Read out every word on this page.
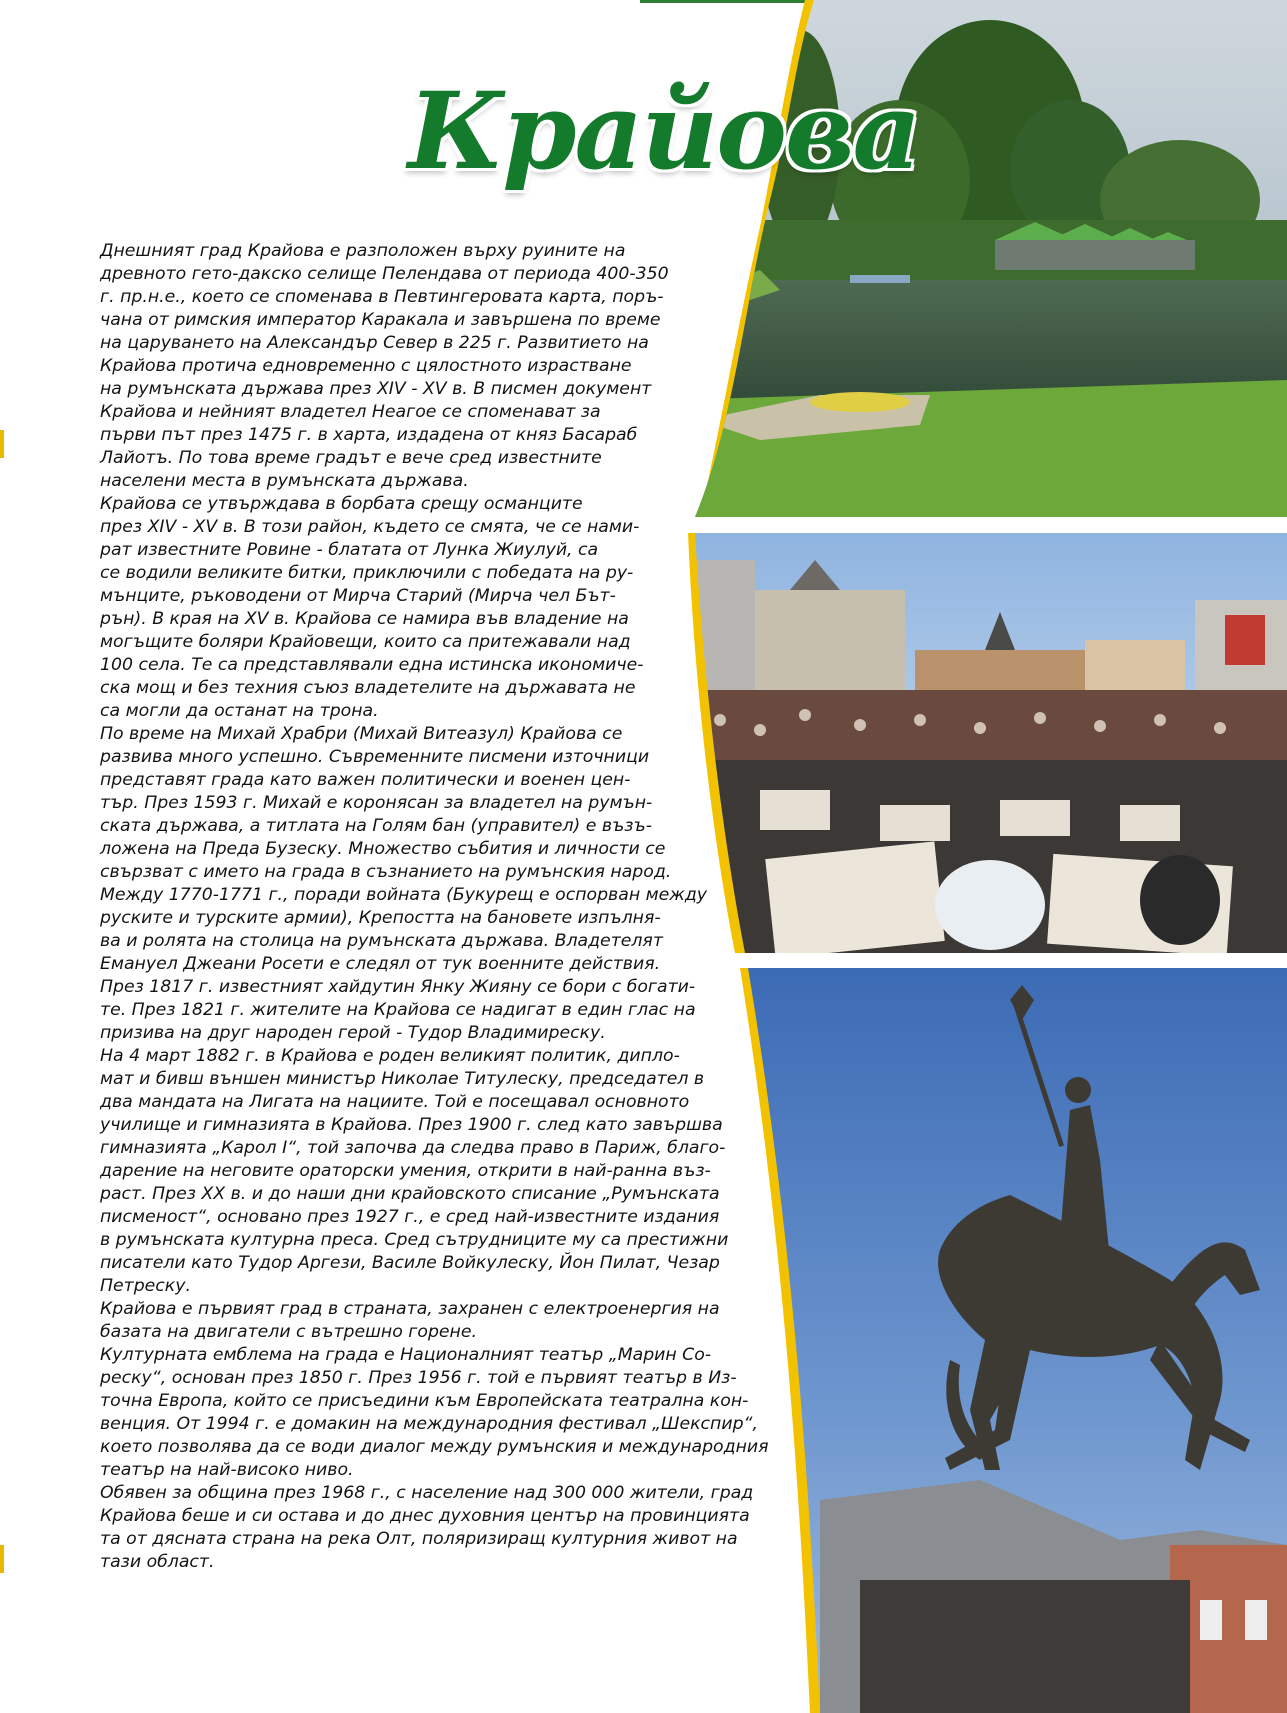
Крайова

Днешният град Крайова е разположен върху руините на
древното гето-дакско селище Пелендава от периода 400-350
г. пр.н.е., което се споменава в Певтингеровата карта, поръ-
чана от римския император Каракала и завършена по време
на царуването на Александър Север в 225 г. Развитието на
Крайова протича едновременно с цялостното израстване
на румънската държава през XIV - XV в. В писмен документ
Крайова и нейният владетел Неагое се споменават за
първи път през 1475 г. в харта, издадена от княз Басараб
Лайотъ. По това време градът е вече сред известните
населени места в румънската държава.

Крайова се утвърждава в борбата срещу османците
през XIV - XV в. В този район, където се смята, че се нами-
рат известните Ровине - блатата от Лунка Жиулуй, са
се водили великите битки, приключили с победата на ру-
мънците, ръководени от Мирча Старий (Мирча чел Бът-
рън). В края на XV в. Крайова се намира във владение на
могъщите боляри Крайовещи, които са притежавали над
100 села. Те са представлявали една истинска икономиче-
ска мощ и без техния съюз владетелите на държавата не
са могли да останат на трона.

По време на Михай Храбри (Михай Витеазул) Крайова се
развива много успешно. Съвременните писмени източници
представят града като важен политически и военен цен-
тър. През 1593 г. Михай е коронясан за владетел на румън-
ската държава, а титлата на Голям бан (управител) е възъ-
ложена на Преда Бузеску. Множество събития и личности се
свързват с името на града в съзнанието на румънския народ.
Между 1770-1771 г., поради войната (Букурещ е оспорван между
руските и турските армии), Крепостта на бановете изпълня-
ва и ролята на столица на румънската държава. Владетелят
Емануел Джеани Росети е следял от тук военните действия.
През 1817 г. известният хайдутин Янку Жияну се бори с богати-
те. През 1821 г. жителите на Крайова се надигат в един глас на
призива на друг народен герой - Тудор Владимиреску.

На 4 март 1882 г. в Крайова е роден великият политик, дипло-
мат и бивш външен министър Николае Титулеску, председател в
два мандата на Лигата на нациите. Той е посещавал основното
училище и гимназията в Крайова. През 1900 г. след като завършва
гимназията „Карол I“, той започва да следва право в Париж, благо-
дарение на неговите ораторски умения, открити в най-ранна въз-
раст. През XX в. и до наши дни крайовското списание „Румънската
писменост“, основано през 1927 г., е сред най-известните издания
в румънската културна преса. Сред сътрудниците му са престижни
писатели като Тудор Аргези, Василе Войкулеску, Йон Пилат, Чезар
Петреску.

Крайова е първият град в страната, захранен с електроенергия на
базата на двигатели с вътрешно горене.

Културната емблема на града е Националният театър „Марин Со-
реску“, основан през 1850 г. През 1956 г. той е първият театър в Из-
точна Европа, който се присъедини към Европейската театрална кон-
венция. От 1994 г. е домакин на международния фестивал „Шекспир“,
което позволява да се води диалог между румънския и международния
театър на най-високо ниво.

Обявен за община през 1968 г., с население над 300 000 жители, град
Крайова беше и си остава и до днес духовния център на провинцията
та от дясната страна на река Олт, поляризиращ културния живот на
тази област.
